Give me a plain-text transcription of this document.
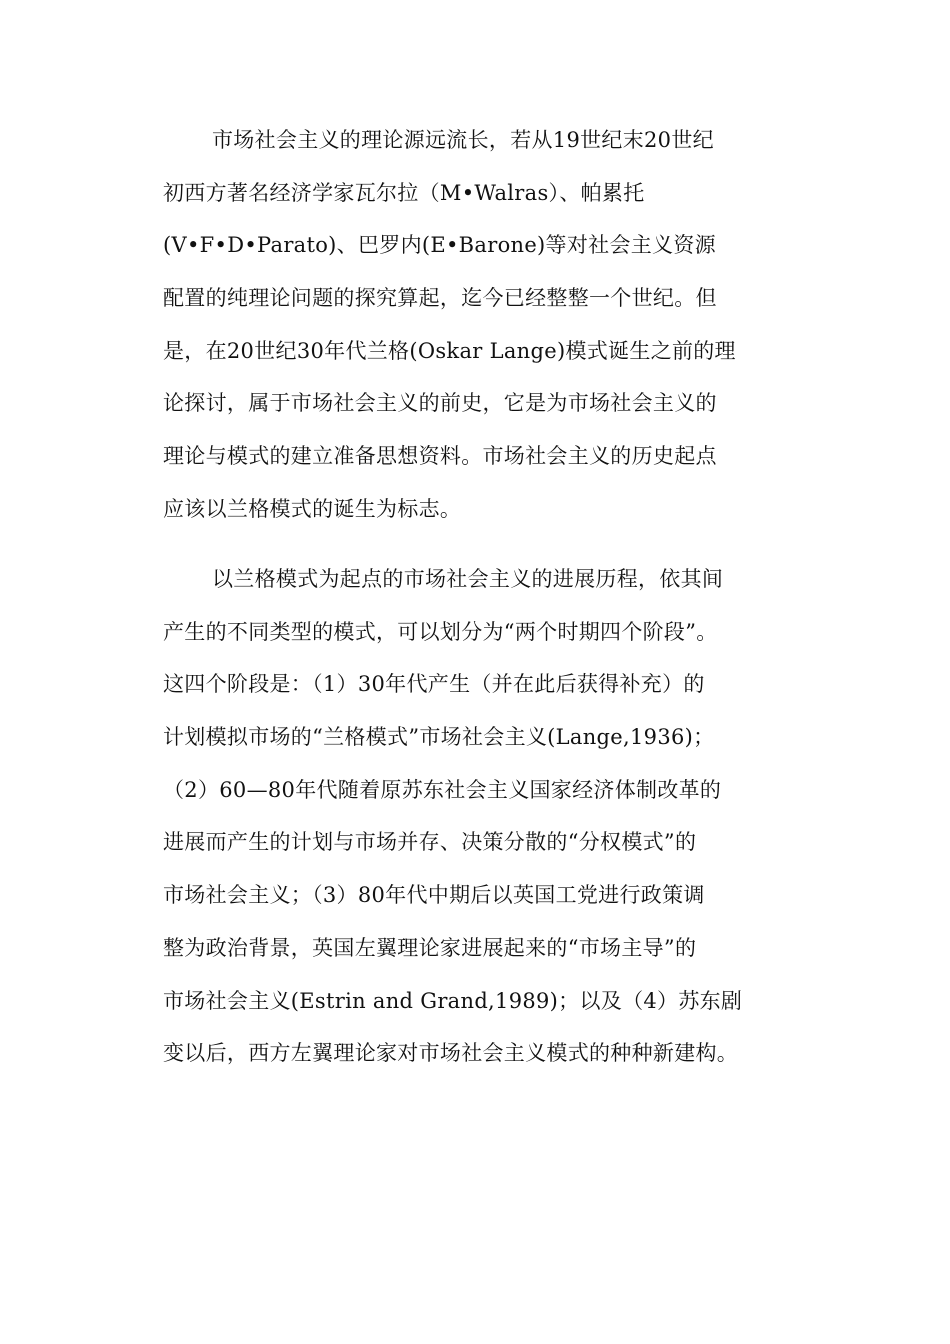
市场社会主义的理论源远流长，若从19世纪末20世纪
初西方著名经济学家瓦尔拉（M•Walras）、帕累托
(V•F•D•Parato)、巴罗内(E•Barone)等对社会主义资源
配置的纯理论问题的探究算起，迄今已经整整一个世纪。但
是，在20世纪30年代兰格(Oskar Lange)模式诞生之前的理
论探讨，属于市场社会主义的前史，它是为市场社会主义的
理论与模式的建立准备思想资料。市场社会主义的历史起点
应该以兰格模式的诞生为标志。
以兰格模式为起点的市场社会主义的进展历程，依其间
产生的不同类型的模式，可以划分为“两个时期四个阶段”。
这四个阶段是：（1）30年代产生（并在此后获得补充）的
计划模拟市场的“兰格模式”市场社会主义(Lange,1936)；
（2）60—80年代随着原苏东社会主义国家经济体制改革的
进展而产生的计划与市场并存、决策分散的“分权模式”的
市场社会主义；（3）80年代中期后以英国工党进行政策调
整为政治背景，英国左翼理论家进展起来的“市场主导”的
市场社会主义(Estrin and Grand,1989)；以及（4）苏东剧
变以后，西方左翼理论家对市场社会主义模式的种种新建构。
